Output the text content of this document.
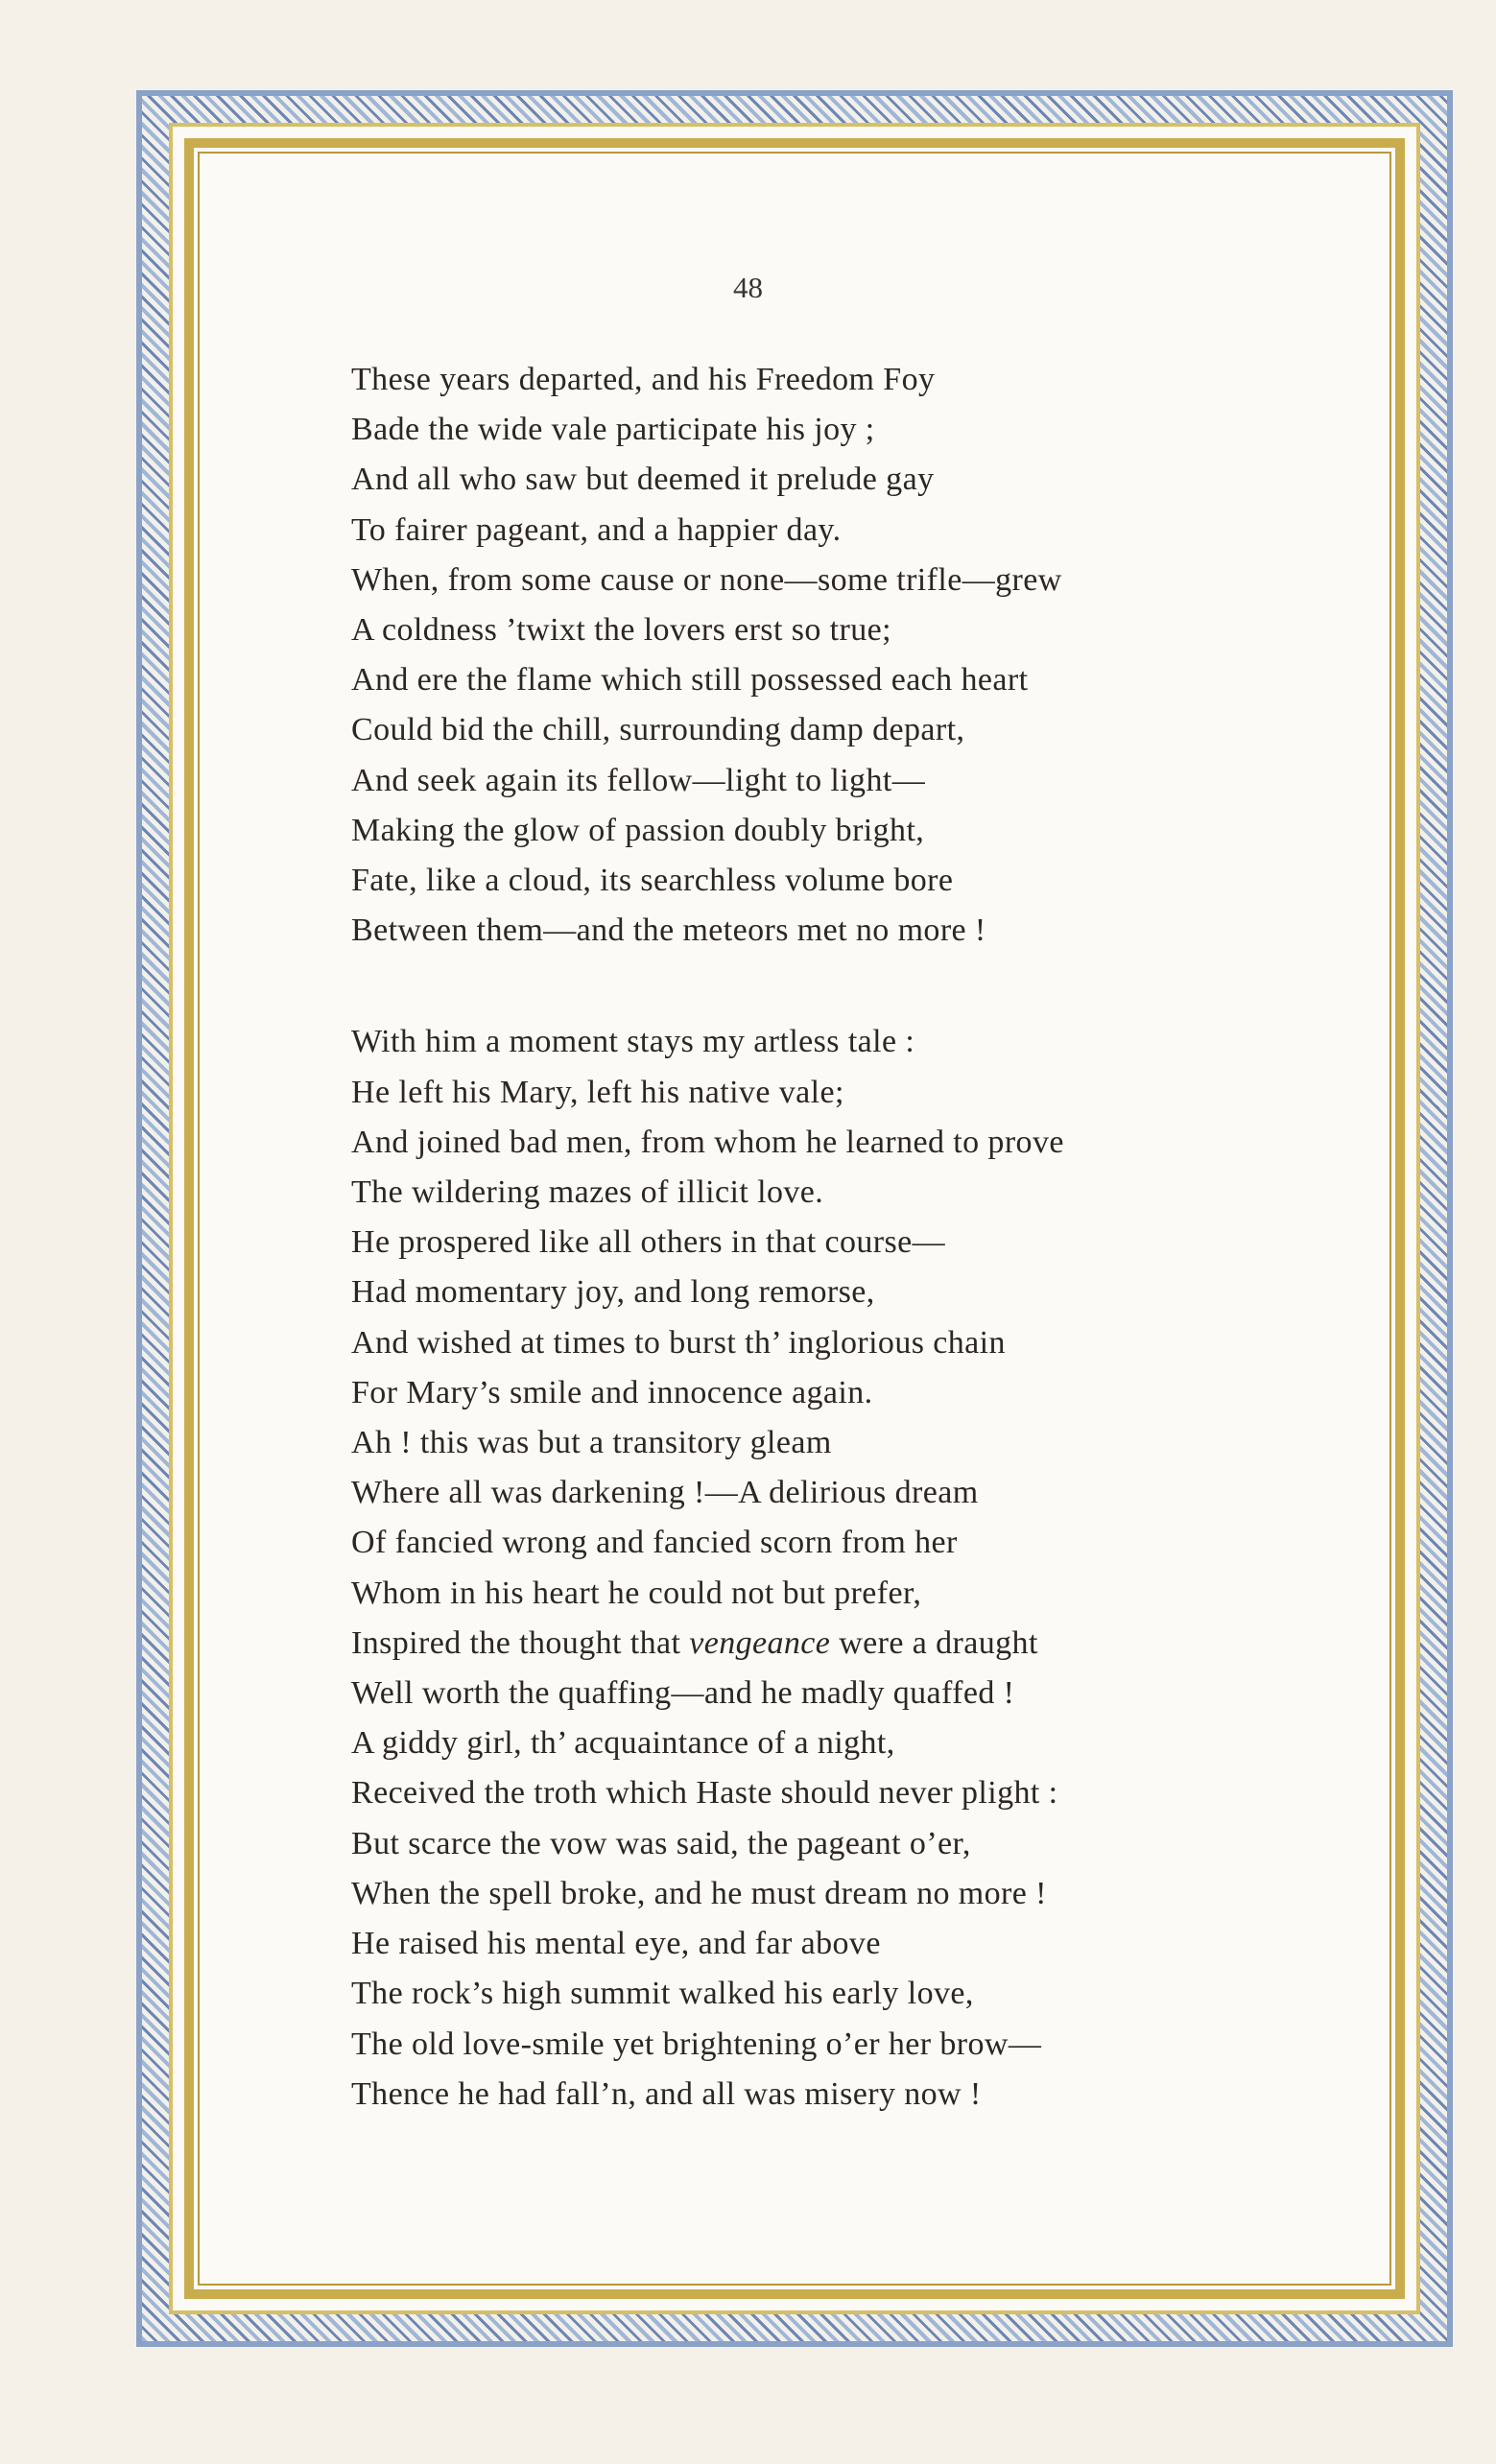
48
These years departed, and his Freedom Foy
Bade the wide vale participate his joy ;
And all who saw but deemed it prelude gay
To fairer pageant, and a happier day.
When, from some cause or none—some trifle—grew
A coldness ’twixt the lovers erst so true;
And ere the flame which still possessed each heart
Could bid the chill, surrounding damp depart,
And seek again its fellow—light to light—
Making the glow of passion doubly bright,
Fate, like a cloud, its searchless volume bore
Between them—and the meteors met no more !
With him a moment stays my artless tale :
He left his Mary, left his native vale;
And joined bad men, from whom he learned to prove
The wildering mazes of illicit love.
He prospered like all others in that course—
Had momentary joy, and long remorse,
And wished at times to burst th’ inglorious chain
For Mary’s smile and innocence again.
Ah ! this was but a transitory gleam
Where all was darkening !—A delirious dream
Of fancied wrong and fancied scorn from her
Whom in his heart he could not but prefer,
Inspired the thought that vengeance were a draught
Well worth the quaffing—and he madly quaffed !
A giddy girl, th’ acquaintance of a night,
Received the troth which Haste should never plight :
But scarce the vow was said, the pageant o’er,
When the spell broke, and he must dream no more !
He raised his mental eye, and far above
The rock’s high summit walked his early love,
The old love-smile yet brightening o’er her brow—
Thence he had fall’n, and all was misery now !
